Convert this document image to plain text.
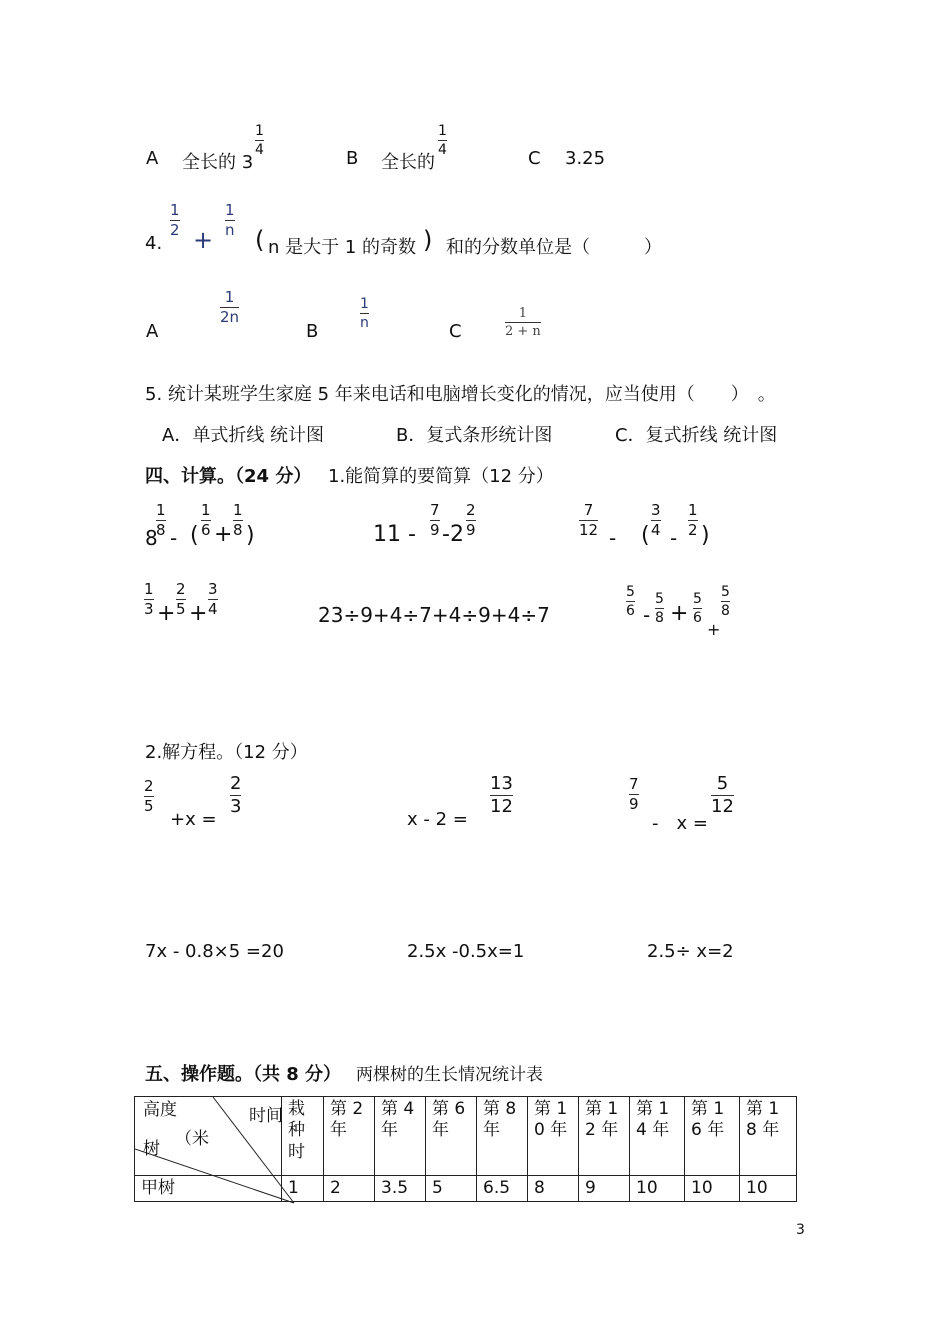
A 全长的 3
$\frac{1}{4}$
B 全长的
$\frac{1}{4}$
C 3.25
4.
$\frac{1}{2}$
+
$\frac{1}{n}$
( n 是大于 1 的奇数 ) 和的分数单位是（　　　）
A
$\frac{1}{2n}$
B
$\frac{1}{n}$
C	$\frac{1}{2 + n}$
5. 统计某班学生家庭 5 年来电话和电脑增长变化的情况，应当使用（　　）　。
A．单式折线 统计图	B．复式条形统计图	C．复式折线 统计图
四、计算。（24 分） 1.能简算的要简算（12 分）
8
$\frac{1}{8}$ - ( $\frac{1}{6} + \frac{1}{8}$ )	$11 - \frac{7}{9} -2 \frac{2}{9}$	$\frac{7}{12}$ - ( $\frac{3}{4} - \frac{1}{2}$ )
$\frac{1}{3} + \frac{2}{5} + \frac{3}{4}$	23÷9+4÷7+4÷9+4÷7	$\frac{5}{6} - \frac{5}{8} + \frac{5}{6}$
+
$\frac{5}{8}$
2.解方程。（12 分）
$\frac{2}{5}$
+x =
$\frac{2}{3}$
x - 2 =
$\frac{13}{12}$	$\frac{7}{9}$
-　x =
$\frac{5}{12}$
7x - 0.8×5 =20	2.5x -0.5x=1	2.5÷ x=2
五、操作题。（共 8 分） 两棵树的生长情况统计表
高度 时间
（米
树	栽种时	第 2 年	第 4 年	第 6 年	第 8 年	第 10 年	第 12 年	第 14 年	第 16 年	第 18 年
甲树	1	2	3.5	5	6.5	8	9	10	10	10
3
